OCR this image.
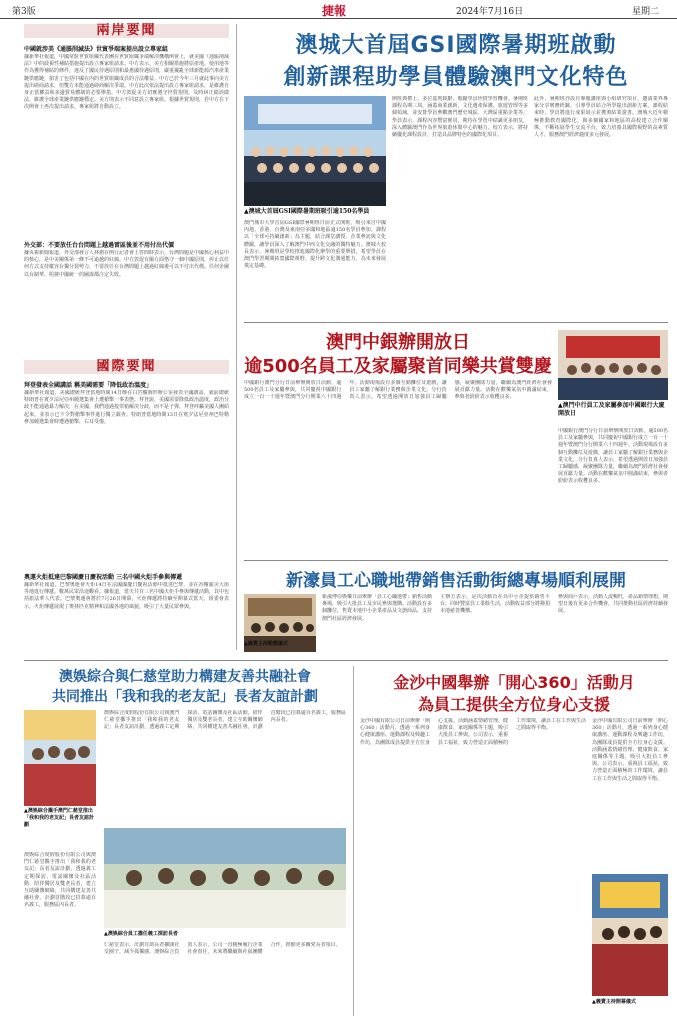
第3版	捷報	2024年7月16日	星期二
兩岸要聞
中國就涉美《通脹削減法》世貿爭端案提出設立專家組
據新華社報道，中國常駐世貿組織代表團在世貿組織爭端解決機構例會上，就美國《通脹削減法》中的歧視性補貼措施提出設立專家組請求。中方表示，美方相關措施將原產地、使用地等作為獲得補貼的條件，違反了國民待遇原則和最惠國待遇原則，嚴重擾亂全球新能源汽車產業鏈供應鏈，損害了包括中國在內的世貿組織成員的合法權益。中方已於今年三月就此事向美方提出磋商請求，但雙方未能通過磋商解決爭端。中方此次依法提出設立專家組請求，是維護自身正當權益和多邊貿易體制的必要舉措。中方敦促美方切實遵守世貿規則，及時糾正錯誤做法，維護全球產業鏈供應鏈穩定。美方則表示不同意設立專家組。根據世貿規則，若中方在下次例會上再次提出請求，專家組將自動設立。
外交部：不要放任台台問題上越過雷區後並不用付出代價
據央視新聞報道，外交部發言人林劍在例行記者會上答問時表示，台灣問題是中國核心利益中的核心，是中美關係第一條不可逾越的紅線。中方敦促有關方面恪守一個中國原則，停止以任何方式支持縱容台獨分裂勢力，不要放任在台灣問題上越過紅線後可以不付出代價。任何企圖以台制華、阻撓中國統一的圖謀都注定失敗。
國際要聞
拜登發表全國講話 稱美國需要「降低政治溫度」
據新華社報道，美國總統拜登當地時間14日晚在白宮橢圓形辦公室發表全國講話，就前總統特朗普在賓夕法尼亞州競選集會上遭槍擊一事表態。拜登說，美國需要降低政治溫度，政治分歧不能通過暴力解決，在美國，我們通過投票箱解決分歧，而不是子彈。拜登呼籲美國人團結起來，並表示已下令對槍擊事件進行獨立調查。特朗普當地時間13日在賓夕法尼亞州巴特勒參加競選集會時遭遇槍擊，右耳受傷。
奧運火炬抵達巴黎國慶日慶祝活動 三名中國火炬手參與傳遞
據新華社報道，巴黎奧運會火炬14日在法國國慶日慶祝活動中抵達巴黎，並在香榭麗舍大街等地進行傳遞。數萬民眾沿途觀看。據報道，當天共有三名中國火炬手參與傳遞活動，其中包括旅法華人代表。巴黎奧運會將於7月26日開幕，火炬傳遞將持續至開幕式當天。組委會表示，火炬傳遞展現了奧林匹克精神和法國各地的風貌，吸引了大量民眾參與。
澳城大首屆GSI國際暑期班啟動
創新課程助學員體驗澳門文化特色
▲澳城大首屆GSI國際暑期班吸引逾150名學員
澳門城市大學首屆GSI國際暑期班日前正式開班，吸引來自中國內地、香港、台灣及東南亞多國和地區逾150名學員參加。課程以「全球可持續創新」為主題，結合課堂講授、企業參訪與文化體驗，讓學員深入了解澳門中西文化交融的獨特魅力。澳城大校長表示，暑期班是學校推進國際化辦學的重要舉措，希望學員在澳門學習期間拓寬國際視野，提升跨文化溝通能力，為未來發展奠定基礎。
開班典禮上，多位嘉賓致辭，勉勵學員珍惜學習機會。暑期班課程為期三周，涵蓋商業創新、文化遺產保護、旅遊管理等多個領域，並安排學員參觀澳門歷史城區、大灣區重點企業等。學員表示，課程內容豐富實用，期待在學習中結識更多朋友，深入體驗澳門作為世界旅遊休閒中心的魅力。校方表示，將持續優化課程設計，打造具品牌特色的國際化項目。
此外，暑期班亦設有專題講座與小組研究項目，邀請業界專家分享實務經驗，引導學員結合所學提出創新方案。課程結束時，學員將進行成果展示並獲頒結業證書。澳城大近年積極推動教育國際化，與多個國家和地區的高校建立合作關係，不斷拓展學生交流平台，致力培養具國際視野的高素質人才，服務澳門經濟適度多元發展。
澳門中銀辦開放日
逾500名員工及家屬聚首同樂共賞雙慶
中國銀行澳門分行日前舉辦開放日活動，逾500名員工及家屬參與，共同慶祝中國銀行成立一百一十週年暨澳門分行開業六十四週年。活動現場設有多個互動攤位及遊戲，讓員工家屬了解銀行業務與企業文化。分行負責人表示，希望透過開放日加強員工歸屬感，凝聚團隊力量，繼續為澳門經濟社會發展貢獻力量。活動在歡樂氣氛中圓滿結束，參與者紛紛表示收穫良多。
▲澳門中行員工及家屬參加中國銀行大廈開放日
中國銀行澳門分行日前舉辦開放日活動，逾500名員工及家屬參與，共同慶祝中國銀行成立一百一十週年暨澳門分行開業六十四週年。活動現場設有多個互動攤位及遊戲，讓員工家屬了解銀行業務與企業文化。分行負責人表示，希望透過開放日加強員工歸屬感，凝聚團隊力量，繼續為澳門經濟社會發展貢獻力量。活動在歡樂氣氛中圓滿結束，參與者紛紛表示收穫良多。
新濠員工心職地帶銷售活動街總專場順利展開
▲義賣主持勤懇儀式
新濠博亞娛樂日前舉辦「員工心職地帶」銷售活動專場，吸引大批員工及市民參與選購。活動設有多個攤位，售賣本地中小企業產品及文創商品，支持澳門社區經濟發展。
主辦方表示，是次活動旨在為中小企提供銷售平台，同時豐富員工業餘生活，活動收益部分將撥捐本地慈善機構。
參與商戶表示，活動人流暢旺，產品銷情理想，期望日後有更多合作機會，共同推動社區經濟持續發展。
澳娛綜合與仁慈堂助力構建友善共融社會
共同推出「我和我的老友記」長者友誼計劃
▲澳娛綜合攜手澳門仁慈堂推出「我和我的老友記」長者友誼計劃
澳娛綜合度假股份有限公司與澳門仁慈堂攜手推出「我和我的老友記」長者友誼計劃，透過義工定期探訪、電話關懷及社區活動，陪伴獨居及雙老長者，建立互助關懷網絡，共同構建友善共融社會。計劃首階段已招募逾百名義工，服務區內長者。
澳娛綜合度假股份有限公司與澳門仁慈堂攜手推出「我和我的老友記」長者友誼計劃，透過義工定期探訪、電話關懷及社區活動，陪伴獨居及雙老長者，建立互助關懷網絡，共同構建友善共融社會。計劃首階段已招募逾百名義工，服務區內長者。
▲澳娛綜合員工擔任義工探訪長者
仁慈堂表示，計劃有助長者擴闊社交圈子，減少孤獨感。澳娛綜合負責人表示，公司一直積極履行企業社會責任，未來將繼續與社福團體合作，推動更多關愛長者項目。
金沙中國舉辦「開心360」活動月
為員工提供全方位身心支援
金沙中國有限公司日前舉辦「開心360」活動月，透過一系列身心健康講座、運動課程及興趣工作坊，為團隊成員提供全方位身心支援。活動涵蓋情緒管理、健康飲食、家庭關係等主題，吸引大批員工參與。公司表示，重視員工福祉，致力營造正面積極的工作環境，讓員工在工作與生活之間取得平衡。
金沙中國有限公司日前舉辦「開心360」活動月，透過一系列身心健康講座、運動課程及興趣工作坊，為團隊成員提供全方位身心支援。活動涵蓋情緒管理、健康飲食、家庭關係等主題，吸引大批員工參與。公司表示，重視員工福祉，致力營造正面積極的工作環境，讓員工在工作與生活之間取得平衡。
▲義賣主持開幕儀式
